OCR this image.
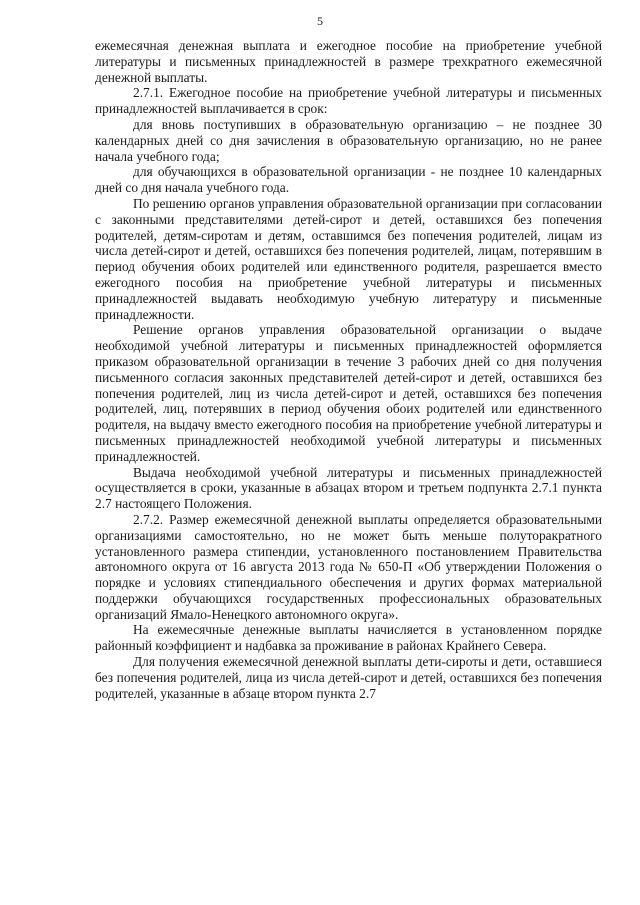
5

ежемесячная денежная выплата и ежегодное пособие на приобретение учебной литературы и письменных принадлежностей в размере трехкратного ежемесячной денежной выплаты.

2.7.1. Ежегодное пособие на приобретение учебной литературы и письменных принадлежностей выплачивается в срок:

для вновь поступивших в образовательную организацию – не позднее 30 календарных дней со дня зачисления в образовательную организацию, но не ранее начала учебного года;

для обучающихся в образовательной организации - не позднее 10 календарных дней со дня начала учебного года.

По решению органов управления образовательной организации при согласовании с законными представителями детей-сирот и детей, оставшихся без попечения родителей, детям-сиротам и детям, оставшимся без попечения родителей, лицам из числа детей-сирот и детей, оставшихся без попечения родителей, лицам, потерявшим в период обучения обоих родителей или единственного родителя, разрешается вместо ежегодного пособия на приобретение учебной литературы и письменных принадлежностей выдавать необходимую учебную литературу и письменные принадлежности.

Решение органов управления образовательной организации о выдаче необходимой учебной литературы и письменных принадлежностей оформляется приказом образовательной организации в течение 3 рабочих дней со дня получения письменного согласия законных представителей детей-сирот и детей, оставшихся без попечения родителей, лиц из числа детей-сирот и детей, оставшихся без попечения родителей, лиц, потерявших в период обучения обоих родителей или единственного родителя, на выдачу вместо ежегодного пособия на приобретение учебной литературы и письменных принадлежностей необходимой учебной литературы и письменных принадлежностей.

Выдача необходимой учебной литературы и письменных принадлежностей осуществляется в сроки, указанные в абзацах втором и третьем подпункта 2.7.1 пункта 2.7 настоящего Положения.

2.7.2. Размер ежемесячной денежной выплаты определяется образовательными организациями самостоятельно, но не может быть меньше полуторакратного установленного размера стипендии, установленного постановлением Правительства автономного округа от 16 августа 2013 года № 650-П «Об утверждении Положения о порядке и условиях стипендиального обеспечения и других формах материальной поддержки обучающихся государственных профессиональных образовательных организаций Ямало-Ненецкого автономного округа».

На ежемесячные денежные выплаты начисляется в установленном порядке районный коэффициент и надбавка за проживание в районах Крайнего Севера.

Для получения ежемесячной денежной выплаты дети-сироты и дети, оставшиеся без попечения родителей, лица из числа детей-сирот и детей, оставшихся без попечения родителей, указанные в абзаце втором пункта 2.7
